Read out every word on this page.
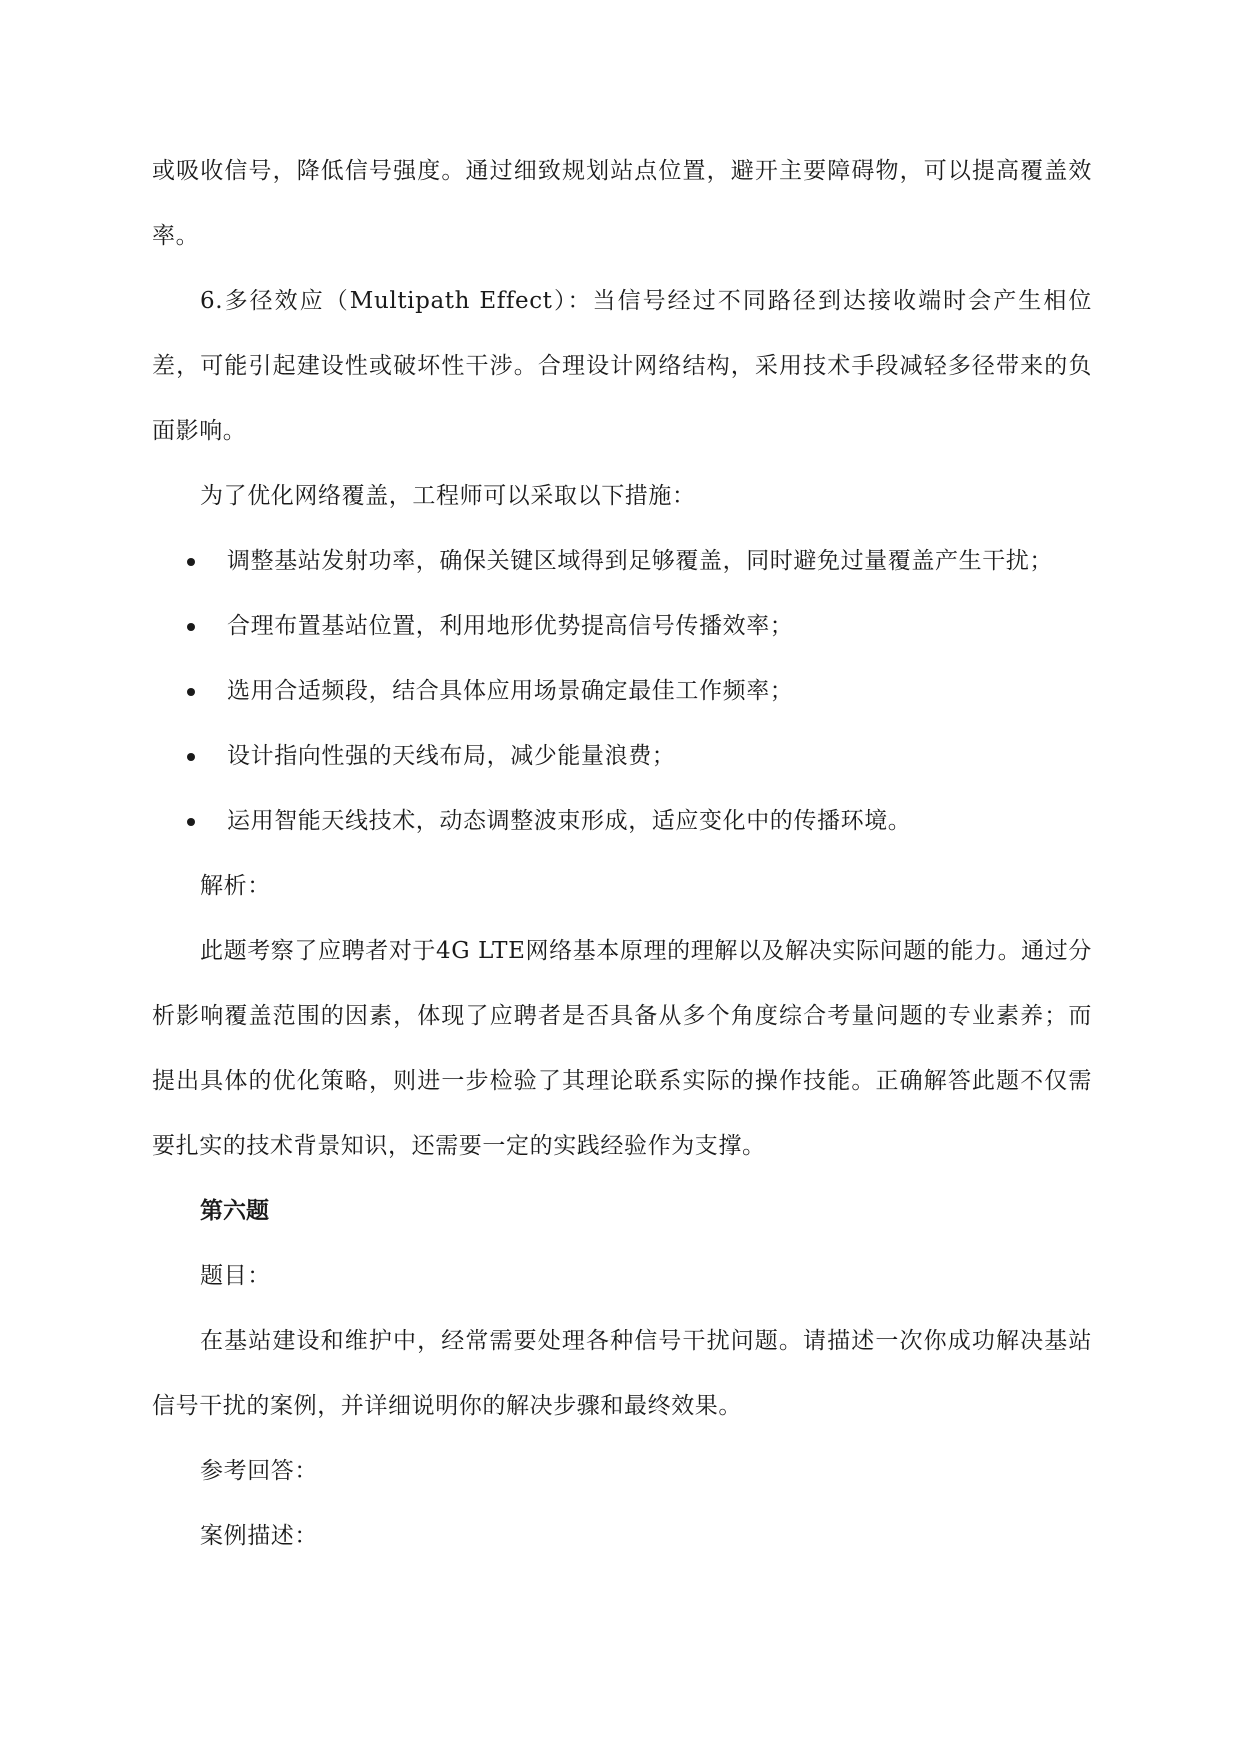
或吸收信号，降低信号强度。通过细致规划站点位置，避开主要障碍物，可以提高覆盖效率。

6.多径效应（Multipath Effect）：当信号经过不同路径到达接收端时会产生相位差，可能引起建设性或破坏性干涉。合理设计网络结构，采用技术手段减轻多径带来的负面影响。

为了优化网络覆盖，工程师可以采取以下措施：

调整基站发射功率，确保关键区域得到足够覆盖，同时避免过量覆盖产生干扰；
合理布置基站位置，利用地形优势提高信号传播效率；
选用合适频段，结合具体应用场景确定最佳工作频率；
设计指向性强的天线布局，减少能量浪费；
运用智能天线技术，动态调整波束形成，适应变化中的传播环境。

解析：

此题考察了应聘者对于4G LTE网络基本原理的理解以及解决实际问题的能力。通过分析影响覆盖范围的因素，体现了应聘者是否具备从多个角度综合考量问题的专业素养；而提出具体的优化策略，则进一步检验了其理论联系实际的操作技能。正确解答此题不仅需要扎实的技术背景知识，还需要一定的实践经验作为支撑。

第六题

题目：

在基站建设和维护中，经常需要处理各种信号干扰问题。请描述一次你成功解决基站信号干扰的案例，并详细说明你的解决步骤和最终效果。

参考回答：

案例描述：
